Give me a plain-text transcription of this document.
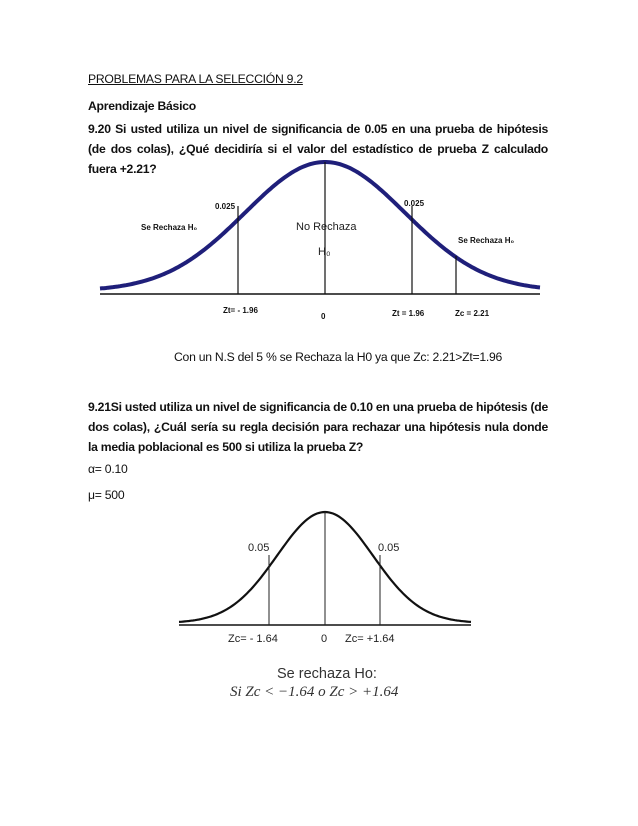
PROBLEMAS PARA LA SELECCIÓN 9.2
Aprendizaje Básico
9.20 Si usted utiliza un nivel de significancia de 0.05 en una prueba de hipótesis (de dos colas), ¿Qué decidiría si el valor del estadístico de prueba Z calculado fuera +2.21?
0.025	0.025
Se Rechaza H₀
Se Rechaza H₀
No Rechaza
H₀
Zt= - 1.96
0	Zt = 1.96	Zc = 2.21
Con un N.S del 5 % se Rechaza la H0 ya que Zc: 2.21>Zt=1.96
9.21Si usted utiliza un nivel de significancia de 0.10 en una prueba de hipótesis (de dos colas), ¿Cuál sería su regla decisión para rechazar una hipótesis nula donde la media poblacional es 500 si utiliza la prueba Z?
α= 0.10
μ= 500
0.05	0.05
Zc= - 1.64	0 Zc= +1.64
Se rechaza Ho:
Si Zc < −1.64 o Zc > +1.64
